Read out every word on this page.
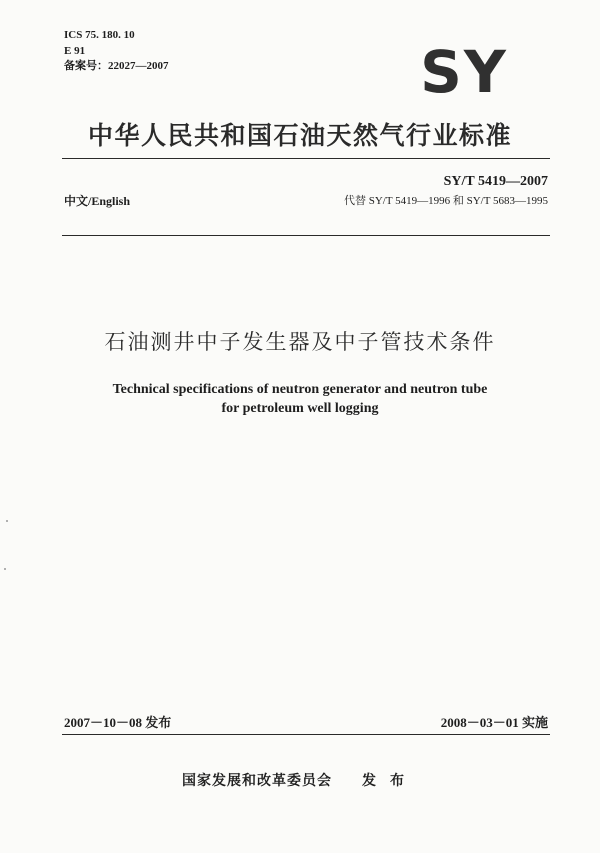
ICS 75. 180. 10
E 91
备案号：22027—2007	SY
中华人民共和国石油天然气行业标准
SY/T 5419—2007
中文/English	代替 SY/T 5419—1996 和 SY/T 5683—1995
石油测井中子发生器及中子管技术条件
Technical specifications of neutron generator and neutron tube
for petroleum well logging
2007－10－08 发布	2008－03－01 实施
国家发展和改革委员会 发布
